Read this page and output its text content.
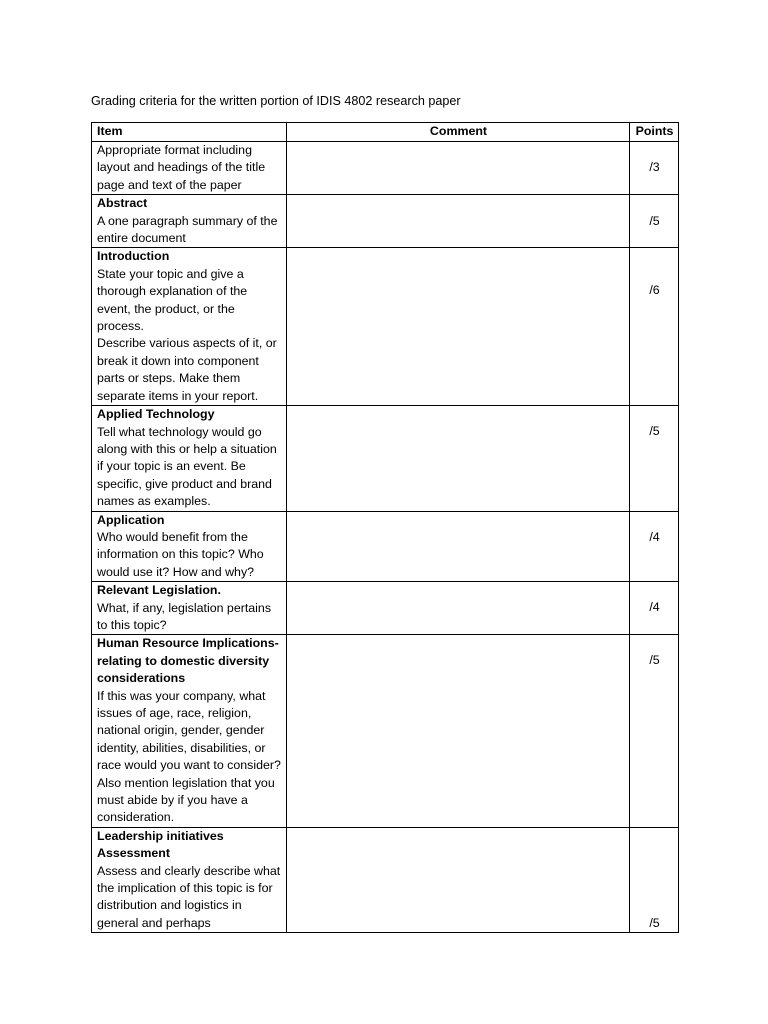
Grading criteria for the written portion of IDIS 4802 research paper
Item	Comment	Points

Appropriate format including layout and headings of the title page and text of the paper		/3

Abstract
A one paragraph summary of the entire document		/5

Introduction
State your topic and give a thorough explanation of the event, the product, or the process.
Describe various aspects of it, or break it down into component parts or steps. Make them separate items in your report.		/6

Applied Technology
Tell what technology would go along with this or help a situation if your topic is an event. Be specific, give product and brand names as examples.		/5

Application
Who would benefit from the information on this topic? Who would use it? How and why?		/4

Relevant Legislation.
What, if any, legislation pertains to this topic?		/4

Human Resource Implications- relating to domestic diversity considerations
If this was your company, what issues of age, race, religion, national origin, gender, gender identity, abilities, disabilities, or race would you want to consider? Also mention legislation that you must abide by if you have a consideration.		/5

Leadership initiatives Assessment
Assess and clearly describe what the implication of this topic is for distribution and logistics in general and perhaps		/5
